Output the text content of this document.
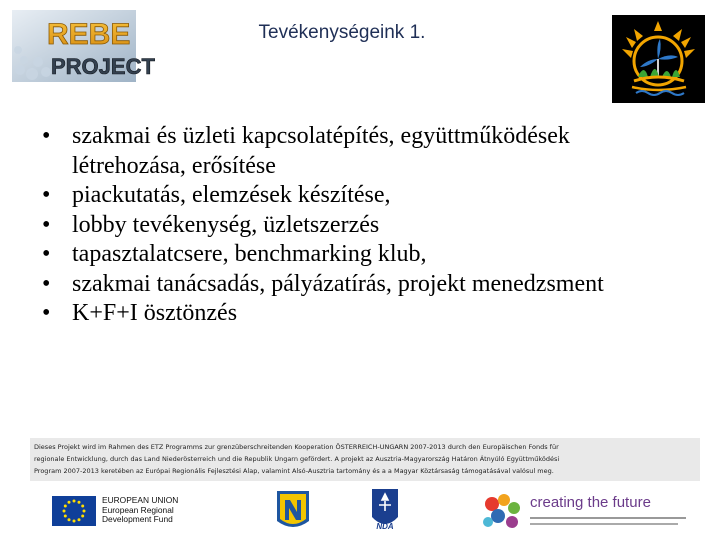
REBE
PROJECT
Tevékenységeink 1.
• szakmai és üzleti kapcsolatépítés, együttműködések létrehozása, erősítése
• piackutatás, elemzések készítése,
• lobby tevékenység, üzletszerzés
• tapasztalatcsere, benchmarking klub,
• szakmai tanácsadás, pályázatírás, projekt menedzsment
• K+F+I ösztönzés
Dieses Projekt wird im Rahmen des ETZ Programms zur grenzüberschreitenden Kooperation ÖSTERREICH-UNGARN 2007-2013 durch den Europäischen Fonds für
regionale Entwicklung, durch das Land Niederösterreich und die Republik Ungarn gefördert. A projekt az Ausztria-Magyarország Határon Átnyúló Együttműködési
Program 2007-2013 keretében az Európai Regionális Fejlesztési Alap, valamint Alsó-Ausztria tartomány és a a Magyar Köztársaság támogatásával valósul meg.
EUROPEAN UNION
European Regional
Development Fund
NDA
creating the future
